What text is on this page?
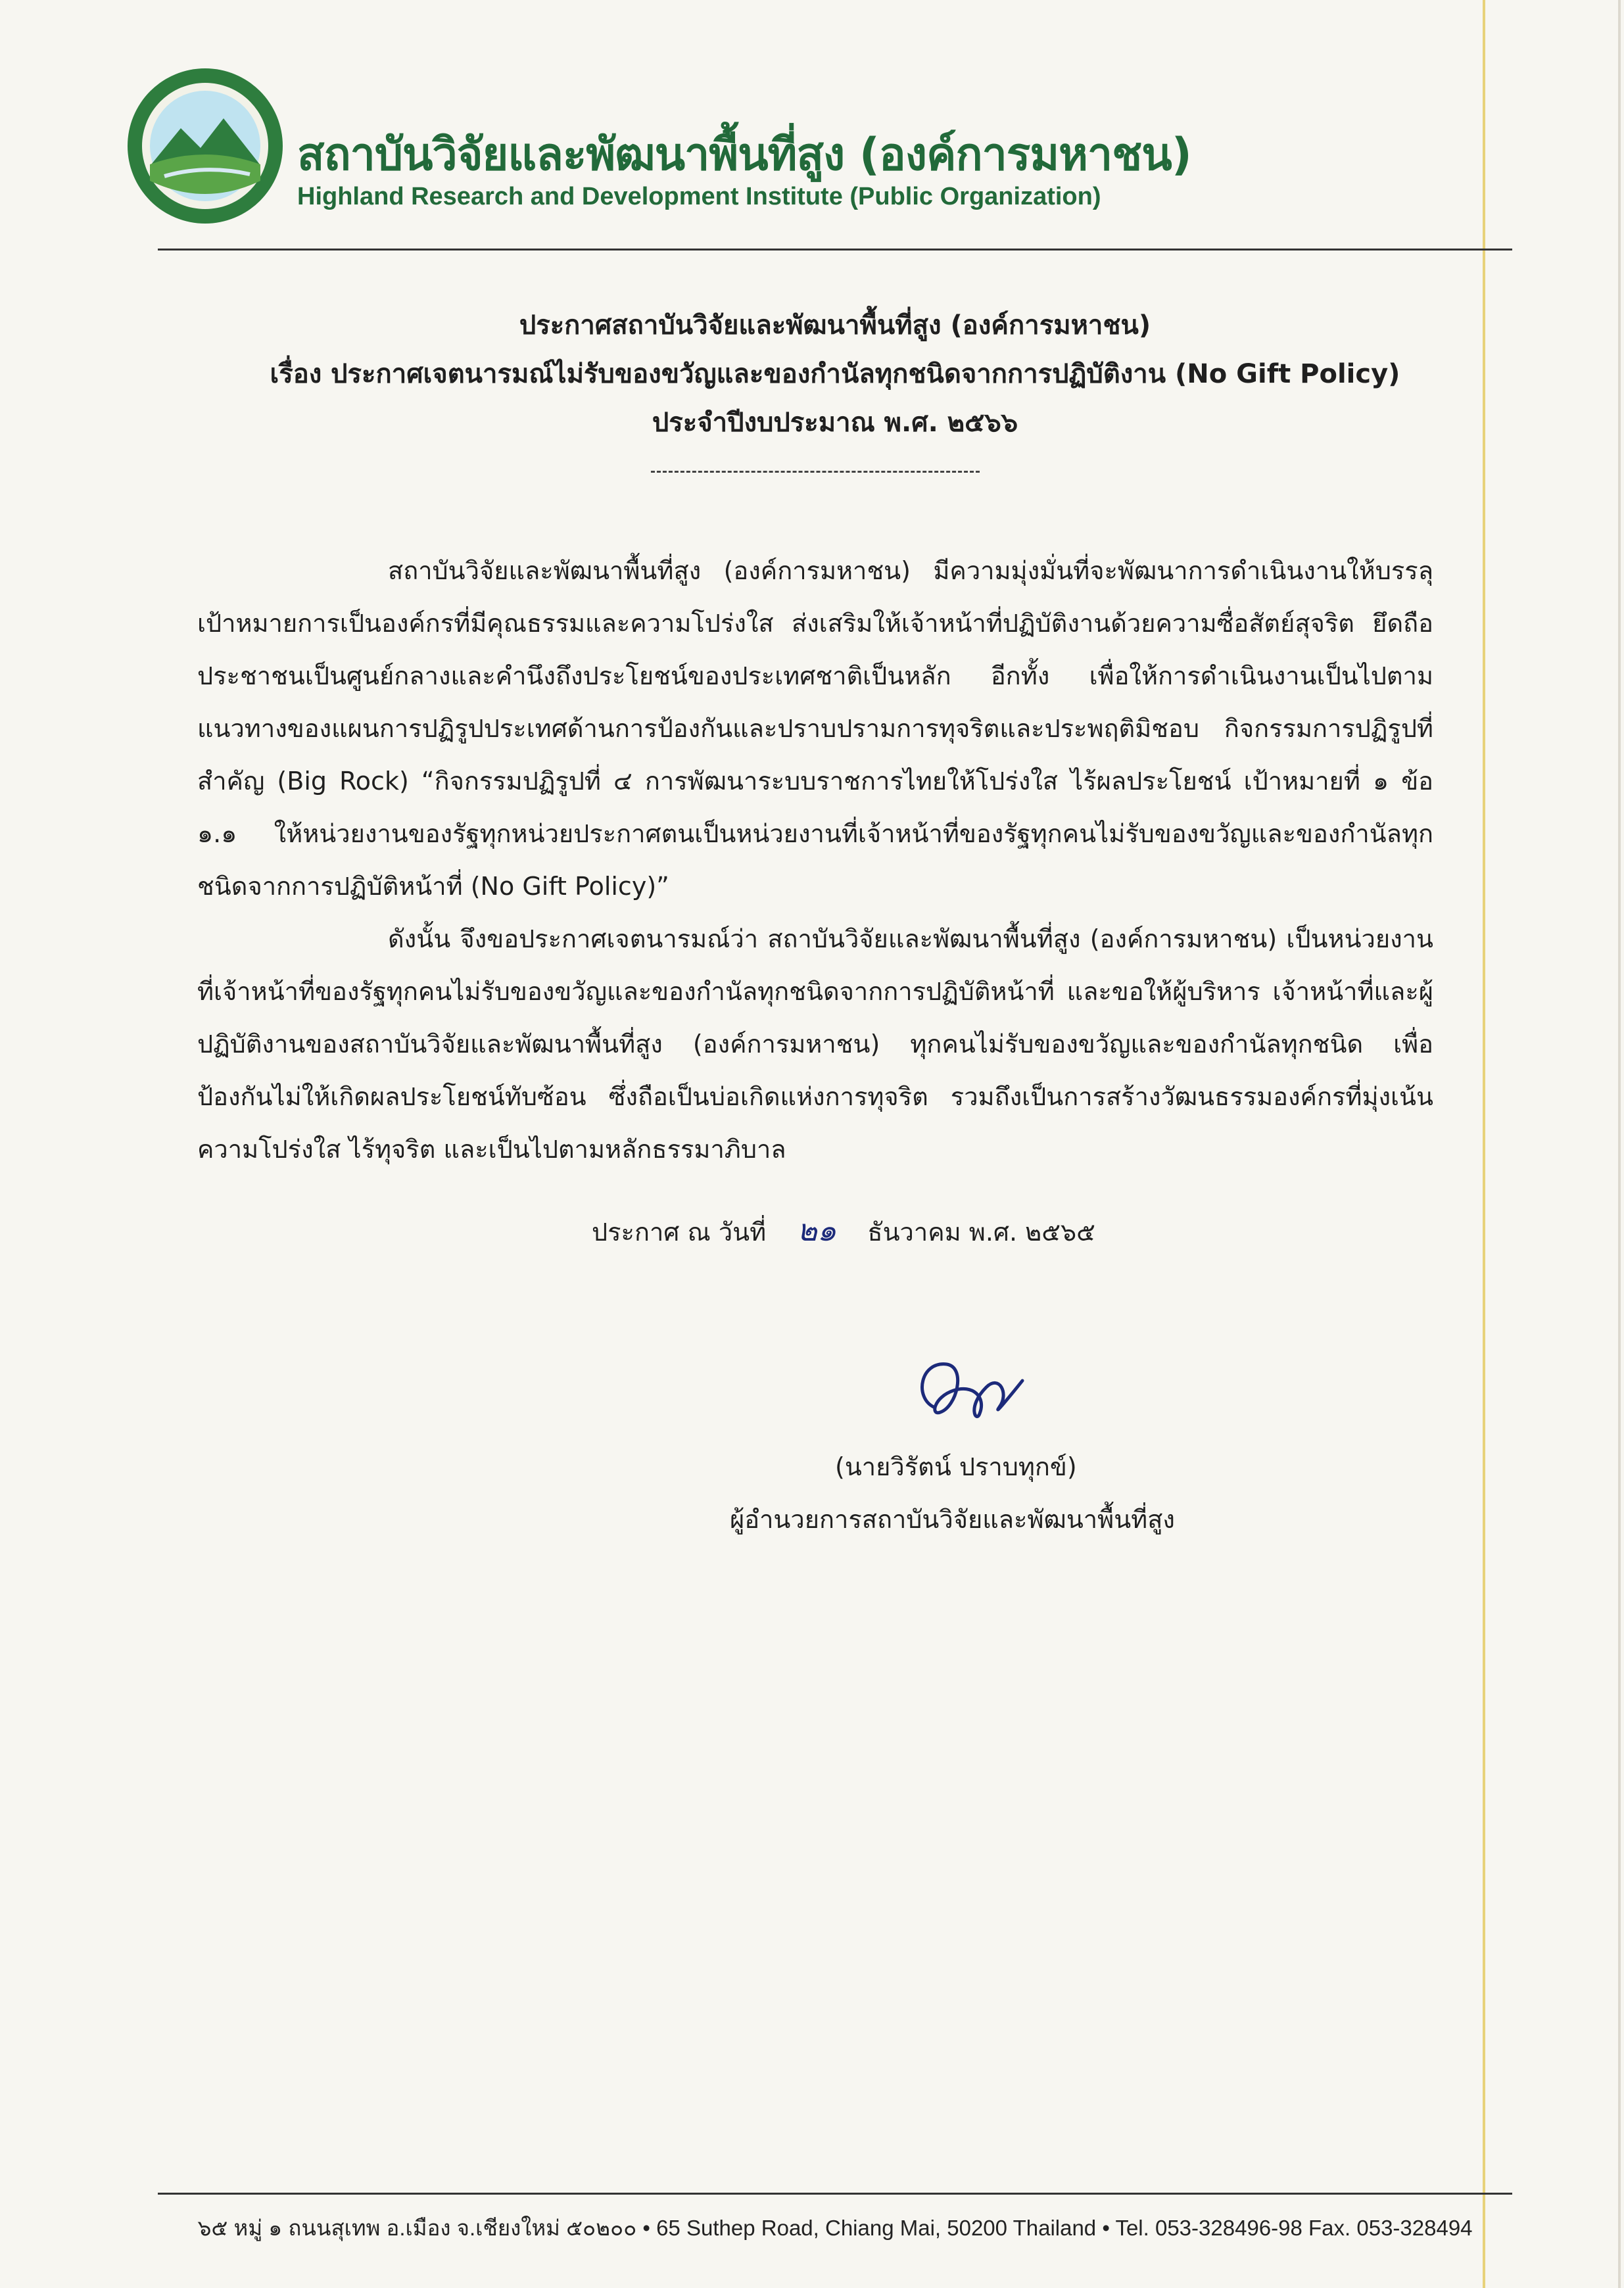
สถาบันวิจัยและพัฒนาพื้นที่สูง (องค์การมหาชน)
Highland Research and Development Institute (Public Organization)
ประกาศสถาบันวิจัยและพัฒนาพื้นที่สูง (องค์การมหาชน)
เรื่อง ประกาศเจตนารมณ์ไม่รับของขวัญและของกำนัลทุกชนิดจากการปฏิบัติงาน (No Gift Policy)
ประจำปีงบประมาณ พ.ศ. ๒๕๖๖

สถาบันวิจัยและพัฒนาพื้นที่สูง (องค์การมหาชน) มีความมุ่งมั่นที่จะพัฒนาการดำเนินงานให้บรรลุเป้าหมายการเป็นองค์กรที่มีคุณธรรมและความโปร่งใส ส่งเสริมให้เจ้าหน้าที่ปฏิบัติงานด้วยความซื่อสัตย์สุจริต ยึดถือประชาชนเป็นศูนย์กลางและคำนึงถึงประโยชน์ของประเทศชาติเป็นหลัก อีกทั้ง เพื่อให้การดำเนินงานเป็นไปตามแนวทางของแผนการปฏิรูปประเทศด้านการป้องกันและปราบปรามการทุจริตและประพฤติมิชอบ กิจกรรมการปฏิรูปที่สำคัญ (Big Rock) “กิจกรรมปฏิรูปที่ ๔ การพัฒนาระบบราชการไทยให้โปร่งใส ไร้ผลประโยชน์ เป้าหมายที่ ๑ ข้อ ๑.๑ ให้หน่วยงานของรัฐทุกหน่วยประกาศตนเป็นหน่วยงานที่เจ้าหน้าที่ของรัฐทุกคนไม่รับของขวัญและของกำนัลทุกชนิดจากการปฏิบัติหน้าที่ (No Gift Policy)”

ดังนั้น จึงขอประกาศเจตนารมณ์ว่า สถาบันวิจัยและพัฒนาพื้นที่สูง (องค์การมหาชน) เป็นหน่วยงานที่เจ้าหน้าที่ของรัฐทุกคนไม่รับของขวัญและของกำนัลทุกชนิดจากการปฏิบัติหน้าที่ และขอให้ผู้บริหาร เจ้าหน้าที่และผู้ปฏิบัติงานของสถาบันวิจัยและพัฒนาพื้นที่สูง (องค์การมหาชน) ทุกคนไม่รับของขวัญและของกำนัลทุกชนิด เพื่อป้องกันไม่ให้เกิดผลประโยชน์ทับซ้อน ซึ่งถือเป็นบ่อเกิดแห่งการทุจริต รวมถึงเป็นการสร้างวัฒนธรรมองค์กรที่มุ่งเน้นความโปร่งใส ไร้ทุจริต และเป็นไปตามหลักธรรมาภิบาล

ประกาศ ณ วันที่ ๒๑ ธันวาคม พ.ศ. ๒๕๖๕
(นายวิรัตน์ ปราบทุกข์)
ผู้อำนวยการสถาบันวิจัยและพัฒนาพื้นที่สูง
๖๕ หมู่ ๑ ถนนสุเทพ อ.เมือง จ.เชียงใหม่ ๕๐๒๐๐ • 65 Suthep Road, Chiang Mai, 50200 Thailand • Tel. 053-328496-98 Fax. 053-328494
